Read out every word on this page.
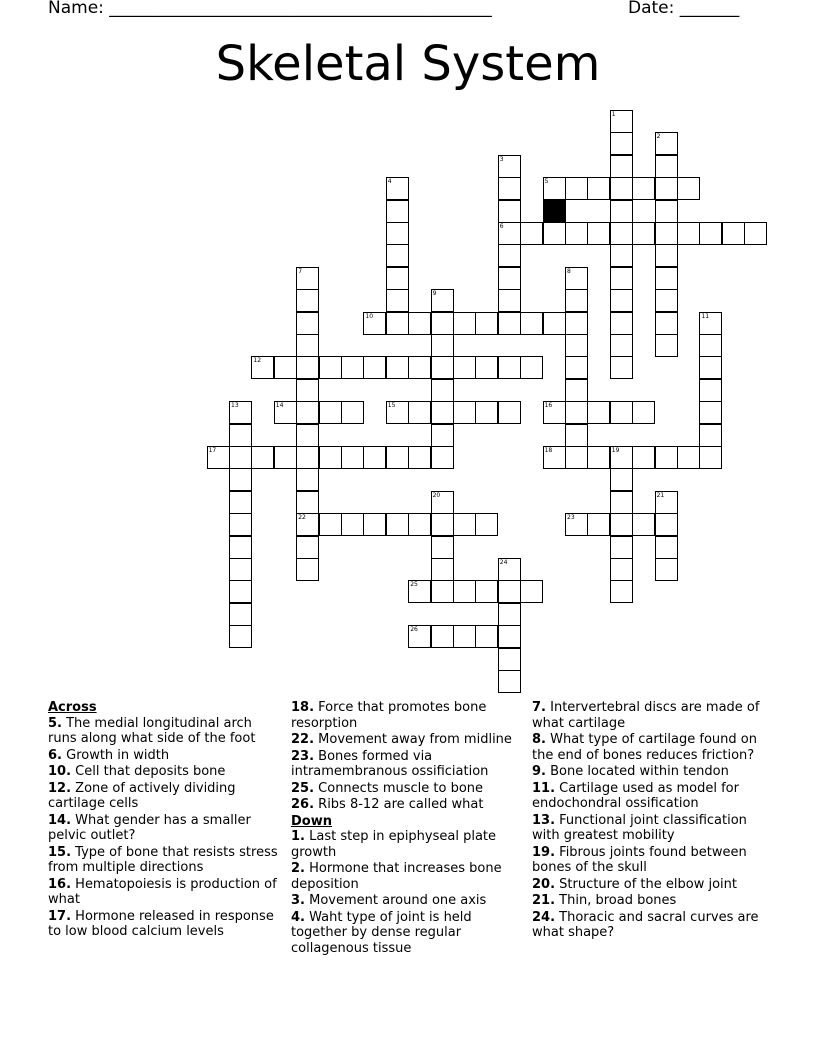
Name: _____________________________________________	Date: _______
Skeletal System
1
2
3
6
4	5
7
22
8
9
10	11
12
13	14	15	16
17	18	19
20	21
23
24
25
26

Across

5. The medial longitudinal arch runs along what side of the foot
6. Growth in width
10. Cell that deposits bone
12. Zone of actively dividing cartilage cells
14. What gender has a smaller pelvic outlet?
15. Type of bone that resists stress from multiple directions
16. Hematopoiesis is production of what
17. Hormone released in response to low blood calcium levels
18. Force that promotes bone resorption
22. Movement away from midline
23. Bones formed via intramembranous ossificiation
25. Connects muscle to bone
26. Ribs 8-12 are called what

Down

1. Last step in epiphyseal plate growth
2. Hormone that increases bone deposition
3. Movement around one axis
4. Waht type of joint is held together by dense regular collagenous tissue
7. Intervertebral discs are made of what cartilage
8. What type of cartilage found on the end of bones reduces friction?
9. Bone located within tendon
11. Cartilage used as model for endochondral ossification
13. Functional joint classification with greatest mobility
19. Fibrous joints found between bones of the skull
20. Structure of the elbow joint
21. Thin, broad bones
24. Thoracic and sacral curves are what shape?
